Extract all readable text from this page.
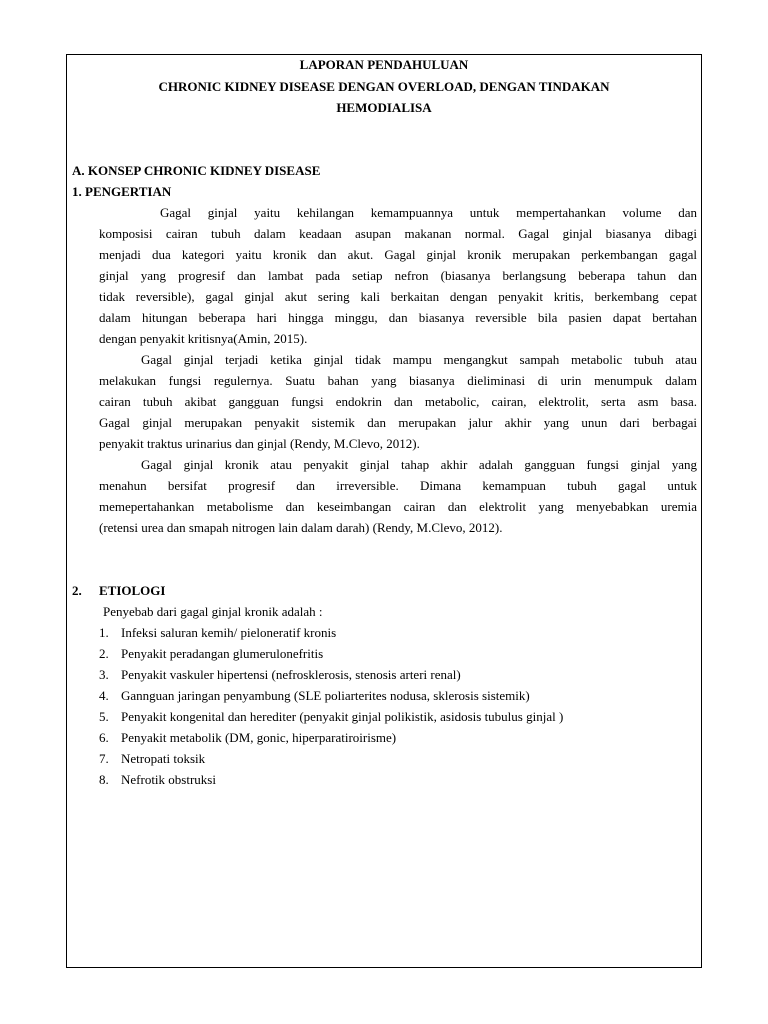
LAPORAN PENDAHULUAN
CHRONIC KIDNEY DISEASE DENGAN OVERLOAD, DENGAN TINDAKAN
HEMODIALISA
A. KONSEP CHRONIC KIDNEY DISEASE
1. PENGERTIAN
Gagal ginjal yaitu kehilangan kemampuannya untuk mempertahankan volume dan
komposisi cairan tubuh dalam keadaan asupan makanan normal. Gagal ginjal biasanya dibagi
menjadi dua kategori yaitu kronik dan akut. Gagal ginjal kronik merupakan perkembangan gagal
ginjal yang progresif dan lambat pada setiap nefron (biasanya berlangsung beberapa tahun dan
tidak reversible), gagal ginjal akut sering kali berkaitan dengan penyakit kritis, berkembang cepat
dalam hitungan beberapa hari hingga minggu, dan biasanya reversible bila pasien dapat bertahan
dengan penyakit kritisnya(Amin, 2015).
Gagal ginjal terjadi ketika ginjal tidak mampu mengangkut sampah metabolic tubuh atau
melakukan fungsi regulernya. Suatu bahan yang biasanya dieliminasi di urin menumpuk dalam
cairan tubuh akibat gangguan fungsi endokrin dan metabolic, cairan, elektrolit, serta asm basa.
Gagal ginjal merupakan penyakit sistemik dan merupakan jalur akhir yang unun dari berbagai
penyakit traktus urinarius dan ginjal (Rendy, M.Clevo, 2012).
Gagal ginjal kronik atau penyakit ginjal tahap akhir adalah gangguan fungsi ginjal yang
menahun bersifat progresif dan irreversible. Dimana kemampuan tubuh gagal untuk
memepertahankan metabolisme dan keseimbangan cairan dan elektrolit yang menyebabkan uremia
(retensi urea dan smapah nitrogen lain dalam darah) (Rendy, M.Clevo, 2012).
2. ETIOLOGI
Penyebab dari gagal ginjal kronik adalah :
1. Infeksi saluran kemih/ pieloneratif kronis
2. Penyakit peradangan glumerulonefritis
3. Penyakit vaskuler hipertensi (nefrosklerosis, stenosis arteri renal)
4. Gannguan jaringan penyambung (SLE poliarterites nodusa, sklerosis sistemik)
5. Penyakit kongenital dan herediter (penyakit ginjal polikistik, asidosis tubulus ginjal )
6. Penyakit metabolik (DM, gonic, hiperparatiroirisme)
7. Netropati toksik
8. Nefrotik obstruksi
